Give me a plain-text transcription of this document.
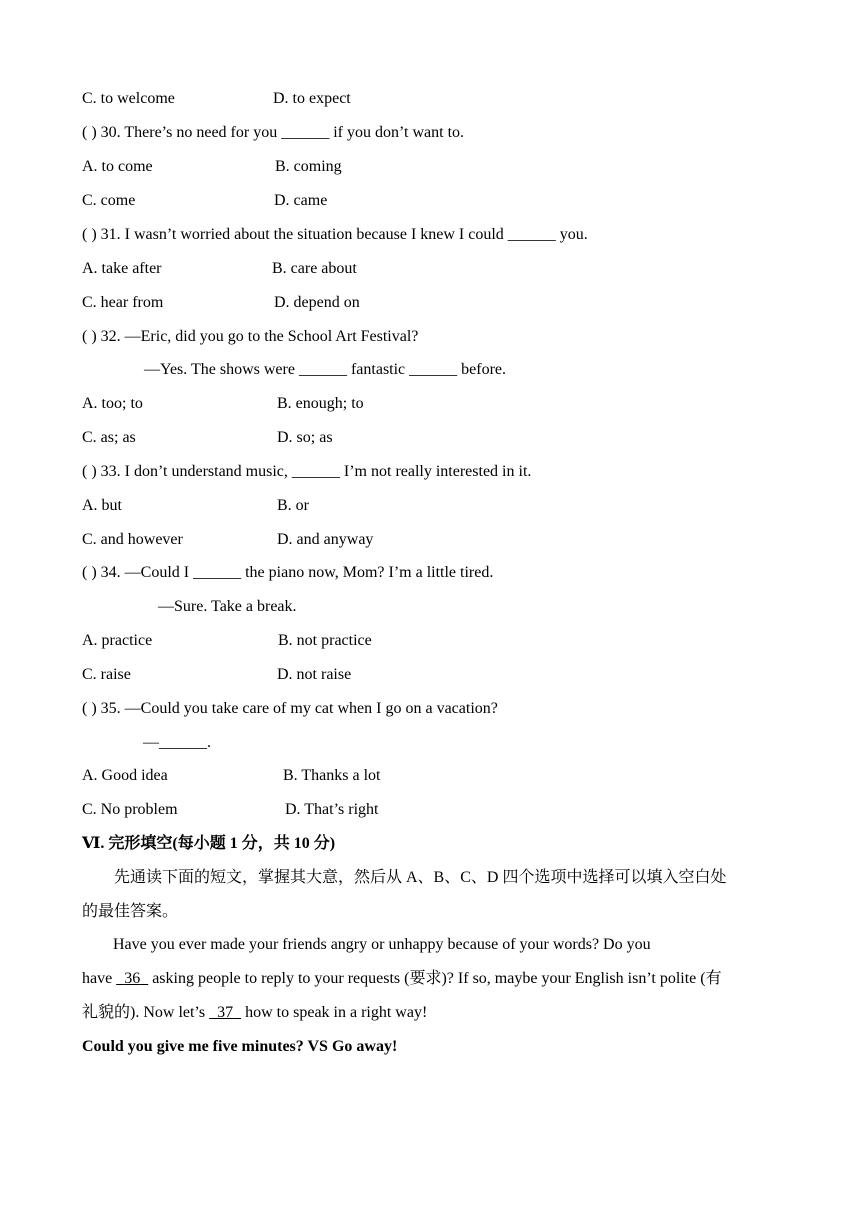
C. to welcome	D. to expect
( ) 30. There’s no need for you ______ if you don’t want to.
A. to come	B. coming
C. come	D. came
( ) 31. I wasn’t worried about the situation because I knew I could ______ you.
A. take after	B. care about
C. hear from	D. depend on
( ) 32. —Eric, did you go to the School Art Festival?
—Yes. The shows were ______ fantastic ______ before.
A. too; to	B. enough; to
C. as; as	D. so; as
( ) 33. I don’t understand music, ______ I’m not really interested in it.
A. but	B. or
C. and however	D. and anyway
( ) 34. —Could I ______ the piano now, Mom? I’m a little tired.
—Sure. Take a break.
A. practice	B. not practice
C. raise	D. not raise
( ) 35. —Could you take care of my cat when I go on a vacation?
—______.
A. Good idea	B. Thanks a lot
C. No problem	D. That’s right
Ⅵ. 完形填空(每小题 1 分，共 10 分)
先通读下面的短文，掌握其大意，然后从 A、B、C、D 四个选项中选择可以填入空白处
的最佳答案。
Have you ever made your friends angry or unhappy because of your words? Do you
have   36   asking people to reply to your requests (要求)? If so, maybe your English isn’t polite (有
礼貌的). Now let’s   37   how to speak in a right way!
Could you give me five minutes? VS Go away!
